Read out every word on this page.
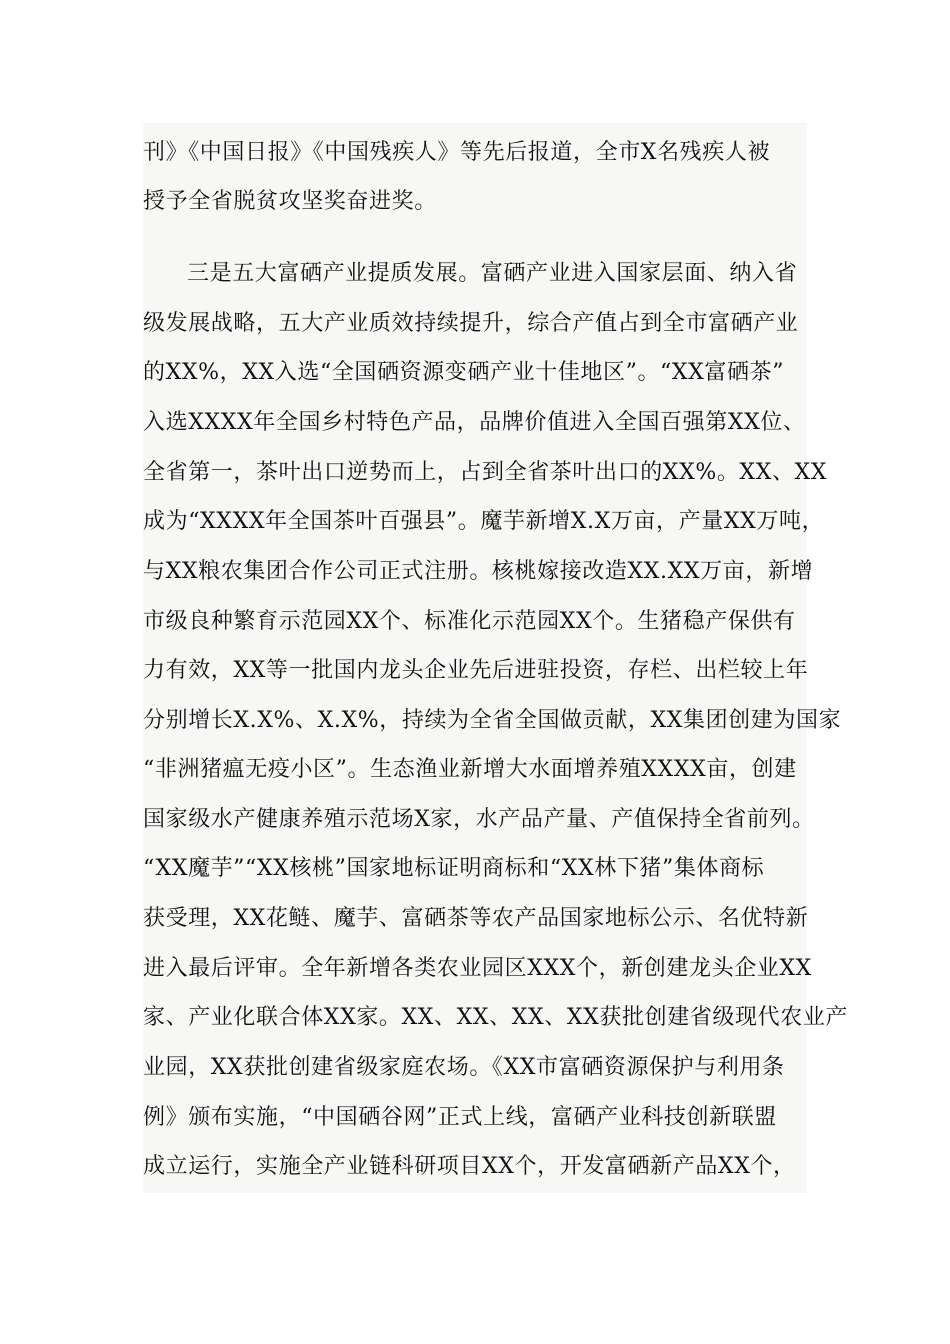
刊》《中国日报》《中国残疾人》等先后报道，全市X名残疾人被
授予全省脱贫攻坚奖奋进奖。
三是五大富硒产业提质发展。富硒产业进入国家层面、纳入省
级发展战略，五大产业质效持续提升，综合产值占到全市富硒产业
的XX%，XX入选“全国硒资源变硒产业十佳地区”。“XX富硒茶”
入选XXXX年全国乡村特色产品，品牌价值进入全国百强第XX位、
全省第一，茶叶出口逆势而上，占到全省茶叶出口的XX%。XX、XX
成为“XXXX年全国茶叶百强县”。魔芋新增X.X万亩，产量XX万吨，
与XX粮农集团合作公司正式注册。核桃嫁接改造XX.XX万亩，新增
市级良种繁育示范园XX个、标准化示范园XX个。生猪稳产保供有
力有效，XX等一批国内龙头企业先后进驻投资，存栏、出栏较上年
分别增长X.X%、X.X%，持续为全省全国做贡献，XX集团创建为国家
“非洲猪瘟无疫小区”。生态渔业新增大水面增养殖XXXX亩，创建
国家级水产健康养殖示范场X家，水产品产量、产值保持全省前列。
“XX魔芋”“XX核桃”国家地标证明商标和“XX林下猪”集体商标
获受理，XX花鲢、魔芋、富硒茶等农产品国家地标公示、名优特新
进入最后评审。全年新增各类农业园区XXX个，新创建龙头企业XX
家、产业化联合体XX家。XX、XX、XX、XX获批创建省级现代农业产
业园，XX获批创建省级家庭农场。《XX市富硒资源保护与利用条
例》颁布实施，“中国硒谷网”正式上线，富硒产业科技创新联盟
成立运行，实施全产业链科研项目XX个，开发富硒新产品XX个，
